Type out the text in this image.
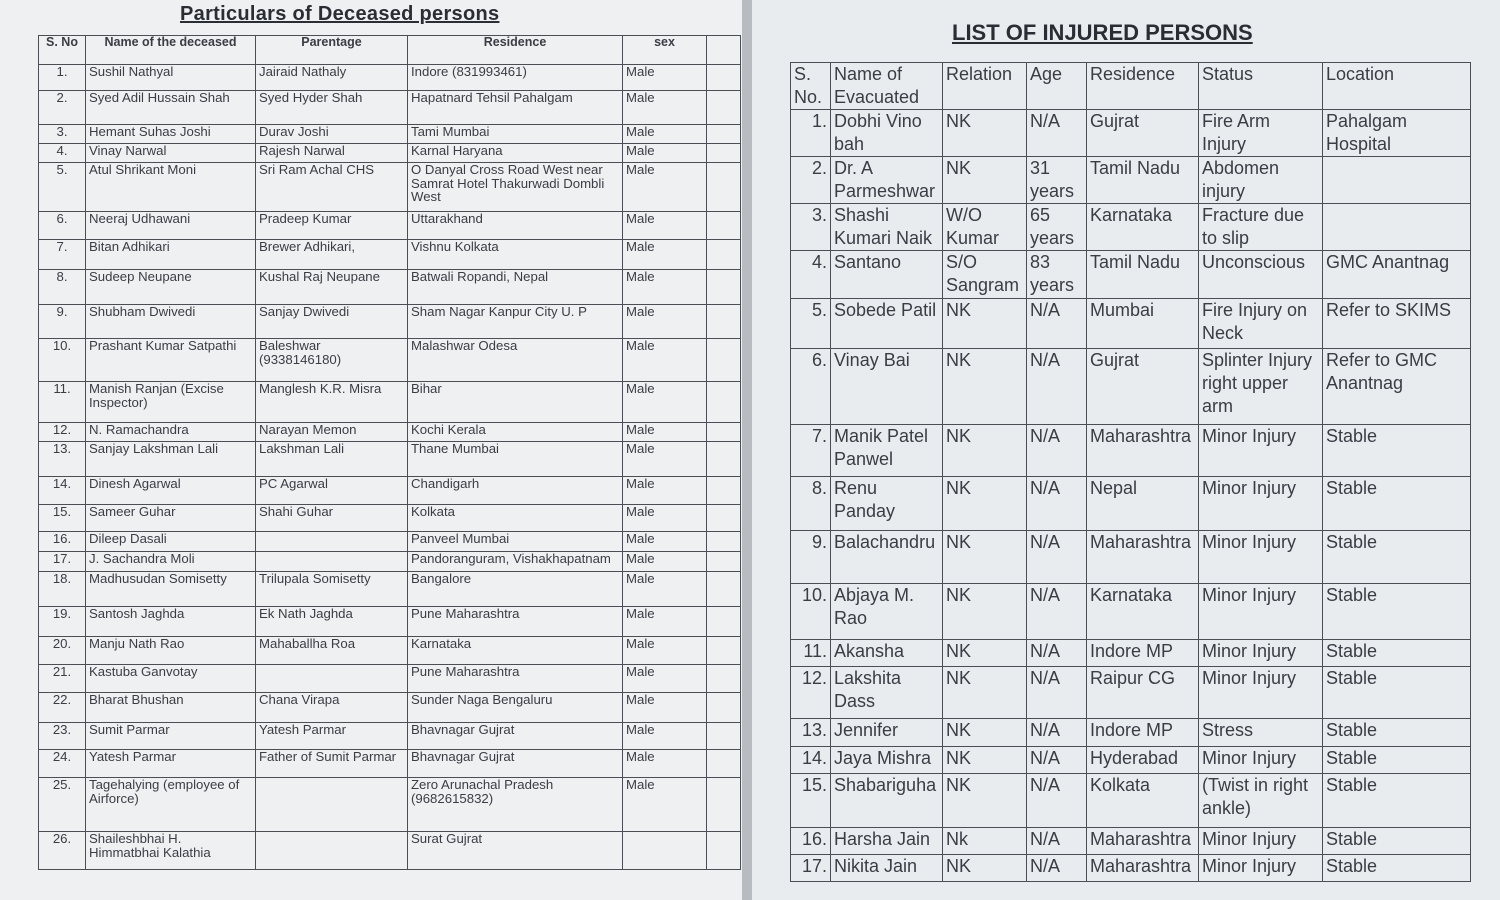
Particulars of Deceased persons
S. No	Name of the deceased	Parentage	Residence	sex	
1.	Sushil Nathyal	Jairaid Nathaly	Indore (831993461)	Male	
2.	Syed Adil Hussain Shah	Syed Hyder Shah	Hapatnard Tehsil Pahalgam	Male	
3.	Hemant Suhas Joshi	Durav Joshi	Tami Mumbai	Male	
4.	Vinay Narwal	Rajesh Narwal	Karnal Haryana	Male	
5.	Atul Shrikant Moni	Sri Ram Achal CHS	O Danyal Cross Road West near Samrat Hotel Thakurwadi Dombli West	Male	
6.	Neeraj Udhawani	Pradeep Kumar	Uttarakhand	Male	
7.	Bitan Adhikari	Brewer Adhikari,	Vishnu Kolkata	Male	
8.	Sudeep Neupane	Kushal Raj Neupane	Batwali Ropandi, Nepal	Male	
9.	Shubham Dwivedi	Sanjay Dwivedi	Sham Nagar Kanpur City U. P	Male	
10.	Prashant Kumar Satpathi	Baleshwar (9338146180)	Malashwar Odesa	Male	
11.	Manish Ranjan (Excise Inspector)	Manglesh K.R. Misra	Bihar	Male	
12.	N. Ramachandra	Narayan Memon	Kochi Kerala	Male	
13.	Sanjay Lakshman Lali	Lakshman Lali	Thane Mumbai	Male	
14.	Dinesh Agarwal	PC Agarwal	Chandigarh	Male	
15.	Sameer Guhar	Shahi Guhar	Kolkata	Male	
16.	Dileep Dasali		Panveel Mumbai	Male	
17.	J. Sachandra Moli		Pandoranguram, Vishakhapatnam	Male	
18.	Madhusudan Somisetty	Trilupala Somisetty	Bangalore	Male	
19.	Santosh Jaghda	Ek Nath Jaghda	Pune Maharashtra	Male	
20.	Manju Nath Rao	Mahaballha Roa	Karnataka	Male	
21.	Kastuba Ganvotay		Pune Maharashtra	Male	
22.	Bharat Bhushan	Chana Virapa	Sunder Naga Bengaluru	Male	
23.	Sumit Parmar	Yatesh Parmar	Bhavnagar Gujrat	Male	
24.	Yatesh Parmar	Father of Sumit Parmar	Bhavnagar Gujrat	Male	
25.	Tagehalying (employee of Airforce)		Zero Arunachal Pradesh (9682615832)	Male	
26.	Shaileshbhai H. Himmatbhai Kalathia		Surat Gujrat		
LIST OF INJURED PERSONS
S. No.	Name of Evacuated	Relation	Age	Residence	Status	Location
1.	Dobhi Vino bah	NK	N/A	Gujrat	Fire Arm Injury	Pahalgam Hospital
2.	Dr. A Parmeshwar	NK	31 years	Tamil Nadu	Abdomen injury	
3.	Shashi Kumari Naik	W/O Kumar	65 years	Karnataka	Fracture due to slip	
4.	Santano	S/O Sangram	83 years	Tamil Nadu	Unconscious	GMC Anantnag
5.	Sobede Patil	NK	N/A	Mumbai	Fire Injury on Neck	Refer to SKIMS
6.	Vinay Bai	NK	N/A	Gujrat	Splinter Injury right upper arm	Refer to GMC Anantnag
7.	Manik Patel Panwel	NK	N/A	Maharashtra	Minor Injury	Stable
8.	Renu Panday	NK	N/A	Nepal	Minor Injury	Stable
9.	Balachandru	NK	N/A	Maharashtra	Minor Injury	Stable
10.	Abjaya M. Rao	NK	N/A	Karnataka	Minor Injury	Stable
11.	Akansha	NK	N/A	Indore MP	Minor Injury	Stable
12.	Lakshita Dass	NK	N/A	Raipur CG	Minor Injury	Stable
13.	Jennifer	NK	N/A	Indore MP	Stress	Stable
14.	Jaya Mishra	NK	N/A	Hyderabad	Minor Injury	Stable
15.	Shabariguha	NK	N/A	Kolkata	(Twist in right ankle)	Stable
16.	Harsha Jain	Nk	N/A	Maharashtra	Minor Injury	Stable
17.	Nikita Jain	NK	N/A	Maharashtra	Minor Injury	Stable
